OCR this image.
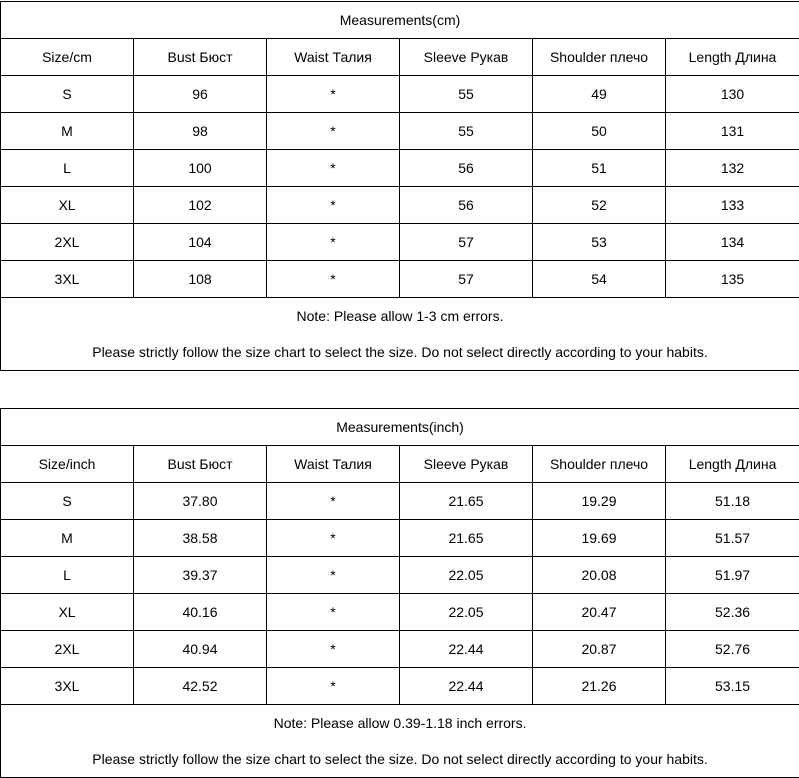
Measurements(cm)					
Size/cm	Bust Бюст	Waist Талия	Sleeve Рукав	Shoulder плечо	Length Длина
S	96	*	55	49	130
M	98	*	55	50	131
L	100	*	56	51	132
XL	102	*	56	52	133
2XL	104	*	57	53	134
3XL	108	*	57	54	135
Note: Please allow 1-3 cm errors.					
Please strictly follow the size chart to select the size. Do not select directly according to your habits.					
Measurements(inch)					
Size/inch	Bust Бюст	Waist Талия	Sleeve Рукав	Shoulder плечо	Length Длина
S	37.80	*	21.65	19.29	51.18
M	38.58	*	21.65	19.69	51.57
L	39.37	*	22.05	20.08	51.97
XL	40.16	*	22.05	20.47	52.36
2XL	40.94	*	22.44	20.87	52.76
3XL	42.52	*	22.44	21.26	53.15
Note: Please allow 0.39-1.18 inch errors.					
Please strictly follow the size chart to select the size. Do not select directly according to your habits.					
